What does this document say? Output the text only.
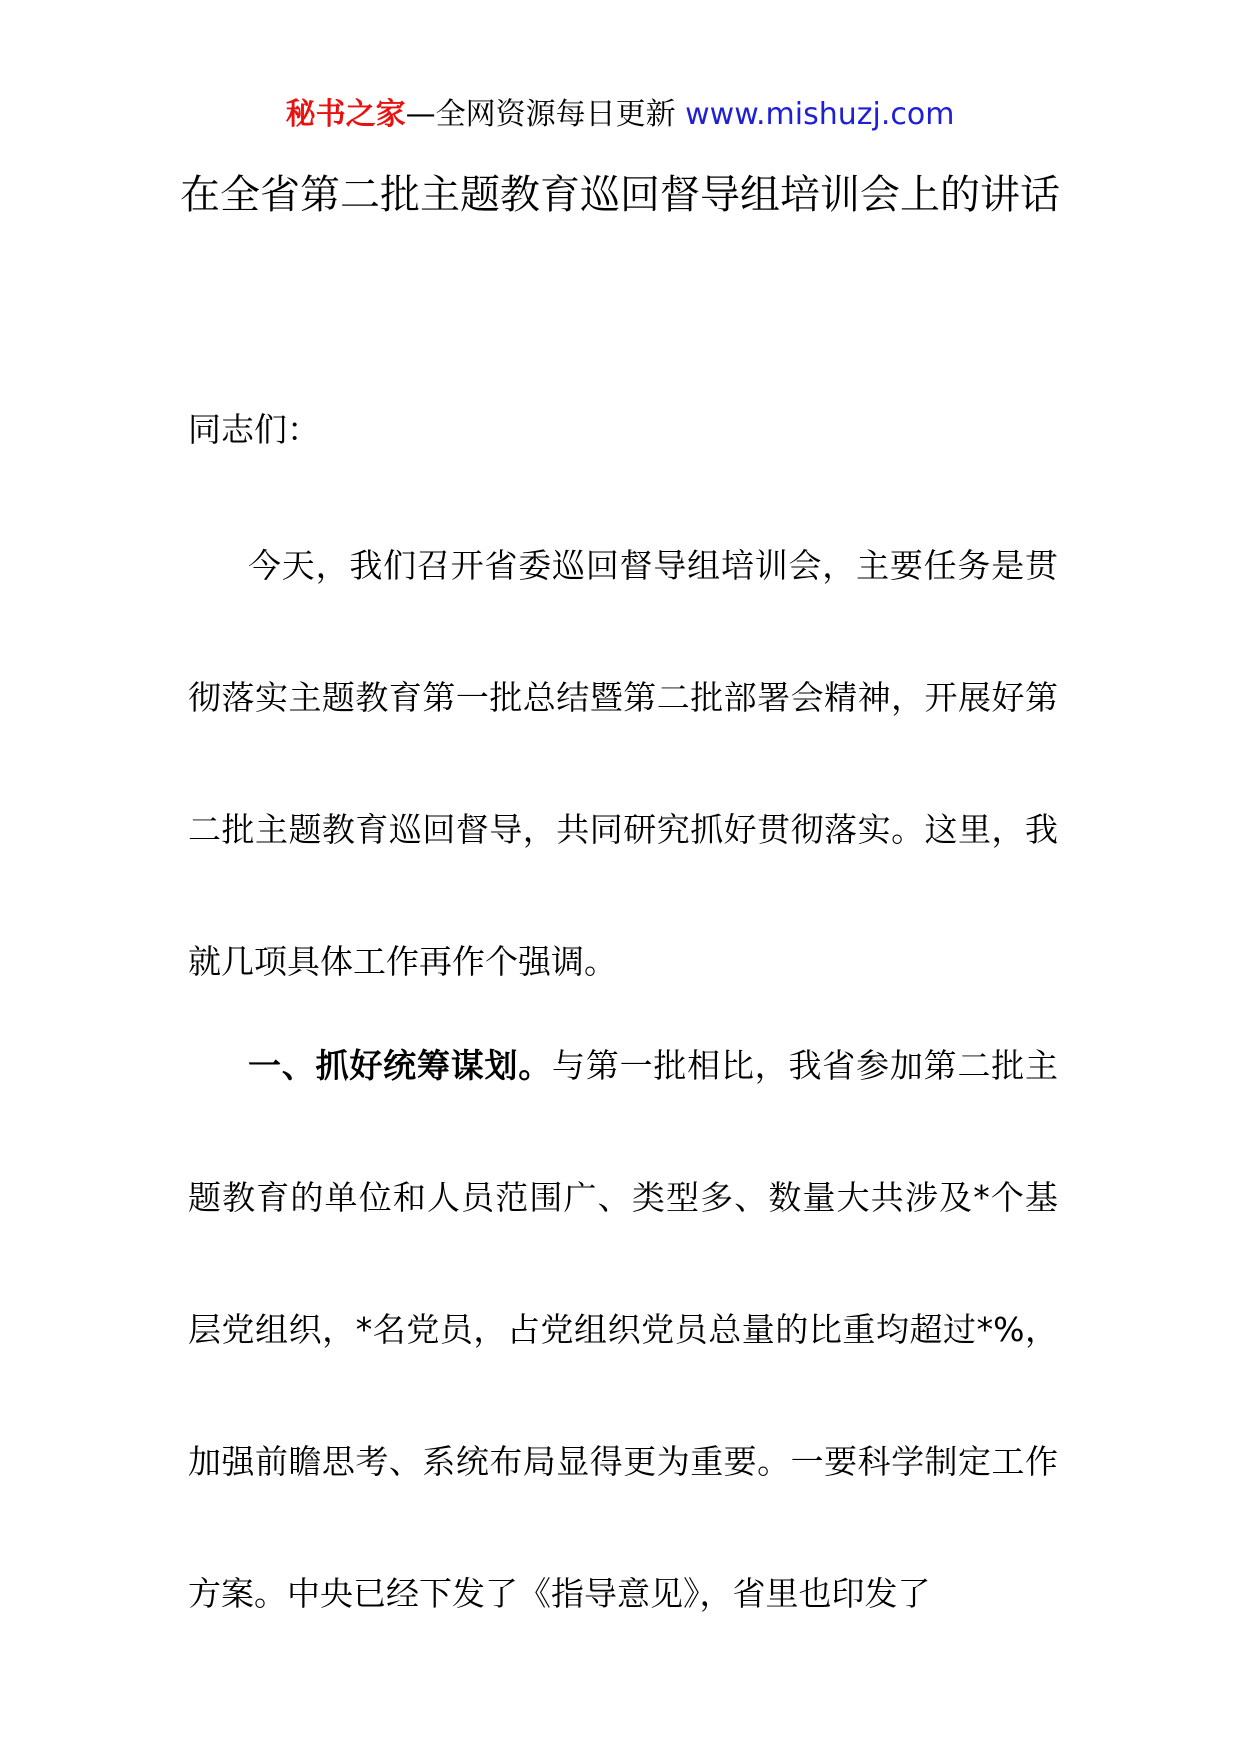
秘书之家—全网资源每日更新 www.mishuzj.com
在全省第二批主题教育巡回督导组培训会上的讲话

同志们：

今天，我们召开省委巡回督导组培训会，主要任务是贯彻落实主题教育第一批总结暨第二批部署会精神，开展好第二批主题教育巡回督导，共同研究抓好贯彻落实。这里，我就几项具体工作再作个强调。

一、抓好统筹谋划。与第一批相比，我省参加第二批主题教育的单位和人员范围广、类型多、数量大共涉及*个基层党组织，*名党员，占党组织党员总量的比重均超过*%，加强前瞻思考、系统布局显得更为重要。一要科学制定工作方案。中央已经下发了《指导意见》，省里也印发了
